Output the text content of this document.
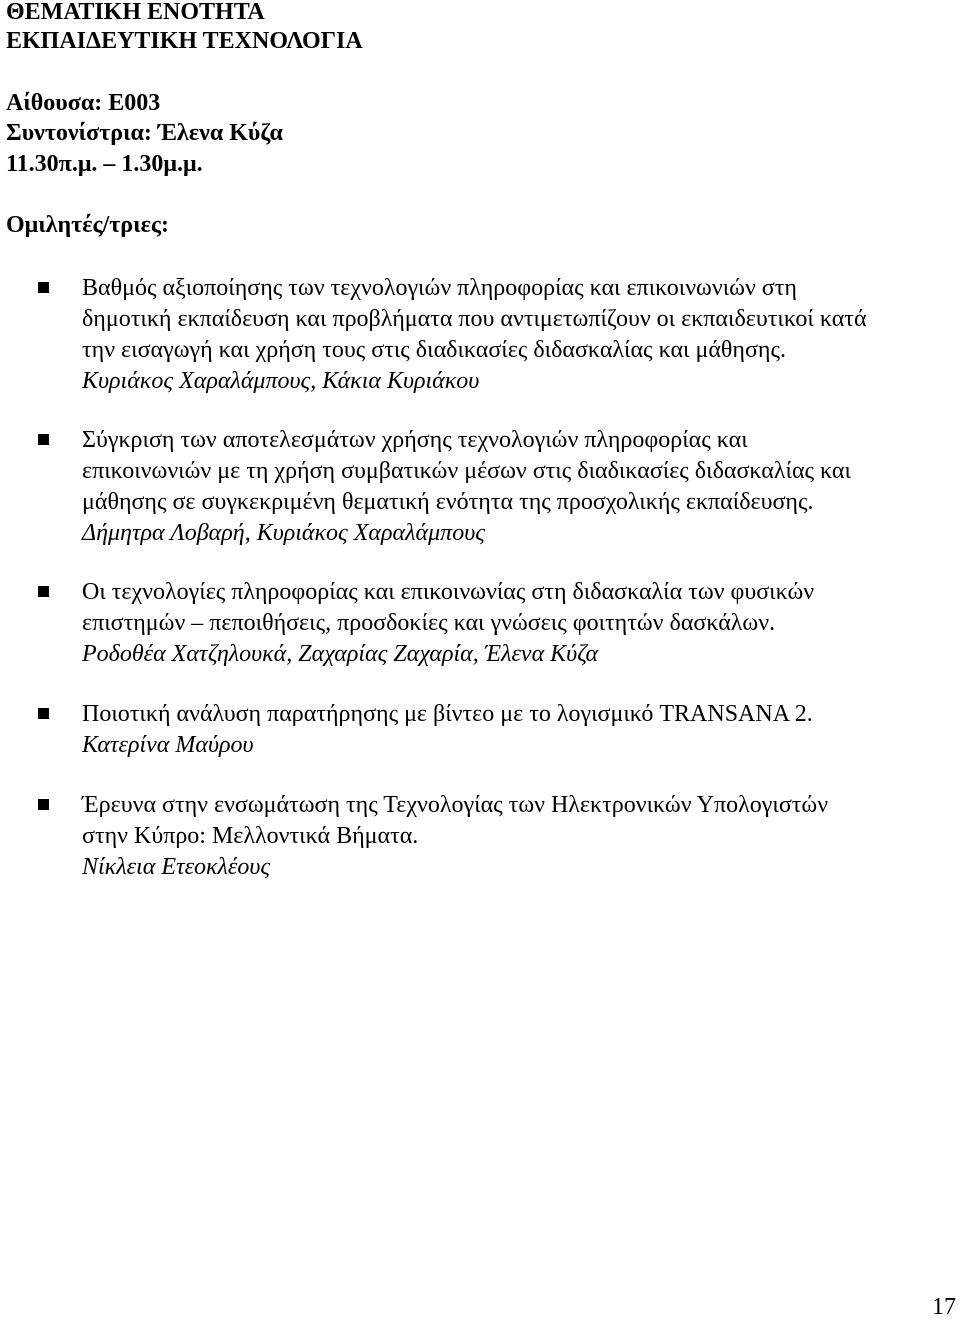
ΘΕΜΑΤΙΚΗ ΕΝΟΤΗΤΑ
ΕΚΠΑΙΔΕΥΤΙΚΗ ΤΕΧΝΟΛΟΓΙΑ
Αίθουσα: Ε003
Συντονίστρια: Έλενα Κύζα
11.30π.μ. – 1.30μ.μ.
Ομιλητές/τριες:

Βαθμός αξιοποίησης των τεχνολογιών πληροφορίας και επικοινωνιών στη

δημοτική εκπαίδευση και προβλήματα που αντιμετωπίζουν οι εκπαιδευτικοί κατά

την εισαγωγή και χρήση τους στις διαδικασίες διδασκαλίας και μάθησης.

Κυριάκος Χαραλάμπους, Κάκια Κυριάκου

Σύγκριση των αποτελεσμάτων χρήσης τεχνολογιών πληροφορίας και

επικοινωνιών με τη χρήση συμβατικών μέσων στις διαδικασίες διδασκαλίας και

μάθησης σε συγκεκριμένη θεματική ενότητα της προσχολικής εκπαίδευσης.

Δήμητρα Λοβαρή, Κυριάκος Χαραλάμπους

Οι τεχνολογίες πληροφορίας και επικοινωνίας στη διδασκαλία των φυσικών

επιστημών – πεποιθήσεις, προσδοκίες και γνώσεις φοιτητών δασκάλων.

Ροδοθέα Χατζηλουκά, Ζαχαρίας Ζαχαρία, Έλενα Κύζα

Ποιοτική ανάλυση παρατήρησης με βίντεο με το λογισμικό TRANSANA 2.

Κατερίνα Μαύρου

Έρευνα στην ενσωμάτωση της Τεχνολογίας των Ηλεκτρονικών Υπολογιστών

στην Κύπρο: Μελλοντικά Βήματα.

Νίκλεια Ετεοκλέους
17
